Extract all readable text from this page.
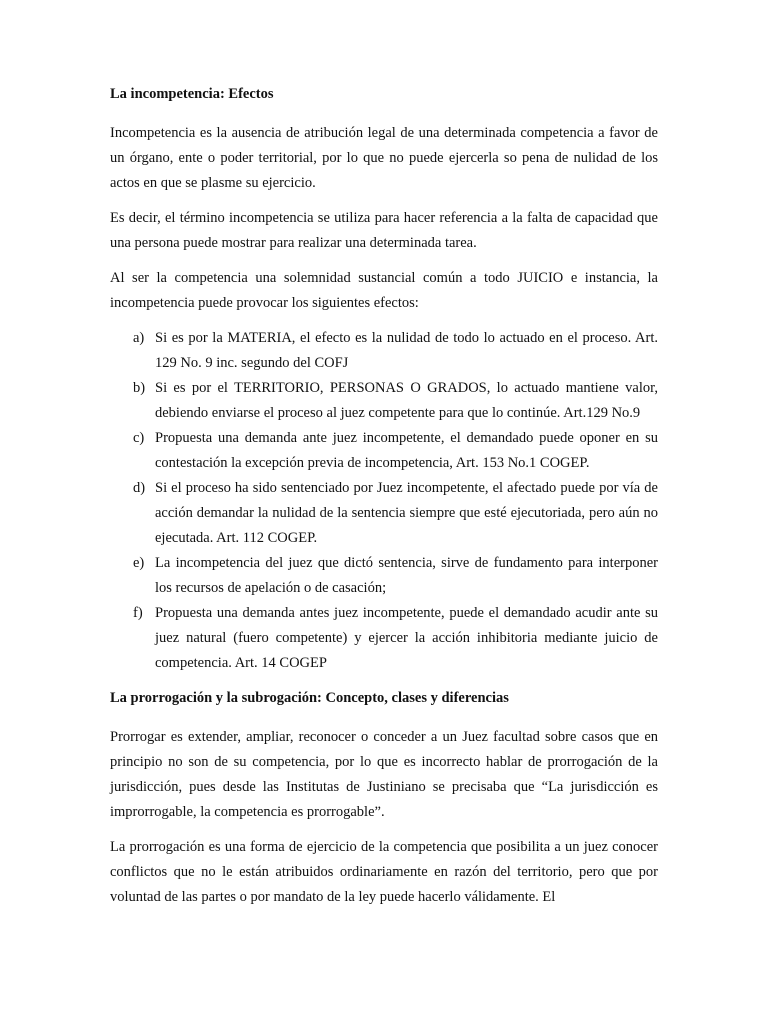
La incompetencia: Efectos

Incompetencia es la ausencia de atribución legal de una determinada competencia a favor de un órgano, ente o poder territorial, por lo que no puede ejercerla so pena de nulidad de los actos en que se plasme su ejercicio.

Es decir, el término incompetencia se utiliza para hacer referencia a la falta de capacidad que una persona puede mostrar para realizar una determinada tarea.

Al ser la competencia una solemnidad sustancial común a todo JUICIO e instancia, la incompetencia puede provocar los siguientes efectos:

a) Si es por la MATERIA, el efecto es la nulidad de todo lo actuado en el proceso. Art. 129 No. 9 inc. segundo del COFJ
b) Si es por el TERRITORIO, PERSONAS O GRADOS, lo actuado mantiene valor, debiendo enviarse el proceso al juez competente para que lo continúe. Art.129 No.9
c) Propuesta una demanda ante juez incompetente, el demandado puede oponer en su contestación la excepción previa de incompetencia, Art. 153 No.1 COGEP.
d) Si el proceso ha sido sentenciado por Juez incompetente, el afectado puede por vía de acción demandar la nulidad de la sentencia siempre que esté ejecutoriada, pero aún no ejecutada. Art. 112 COGEP.
e) La incompetencia del juez que dictó sentencia, sirve de fundamento para interponer los recursos de apelación o de casación;
f) Propuesta una demanda antes juez incompetente, puede el demandado acudir ante su juez natural (fuero competente) y ejercer la acción inhibitoria mediante juicio de competencia. Art. 14 COGEP

La prorrogación y la subrogación: Concepto, clases y diferencias

Prorrogar es extender, ampliar, reconocer o conceder a un Juez facultad sobre casos que en principio no son de su competencia, por lo que es incorrecto hablar de prorrogación de la jurisdicción, pues desde las Institutas de Justiniano se precisaba que “La jurisdicción es improrrogable, la competencia es prorrogable”.

La prorrogación es una forma de ejercicio de la competencia que posibilita a un juez conocer conflictos que no le están atribuidos ordinariamente en razón del territorio, pero que por voluntad de las partes o por mandato de la ley puede hacerlo válidamente. El
